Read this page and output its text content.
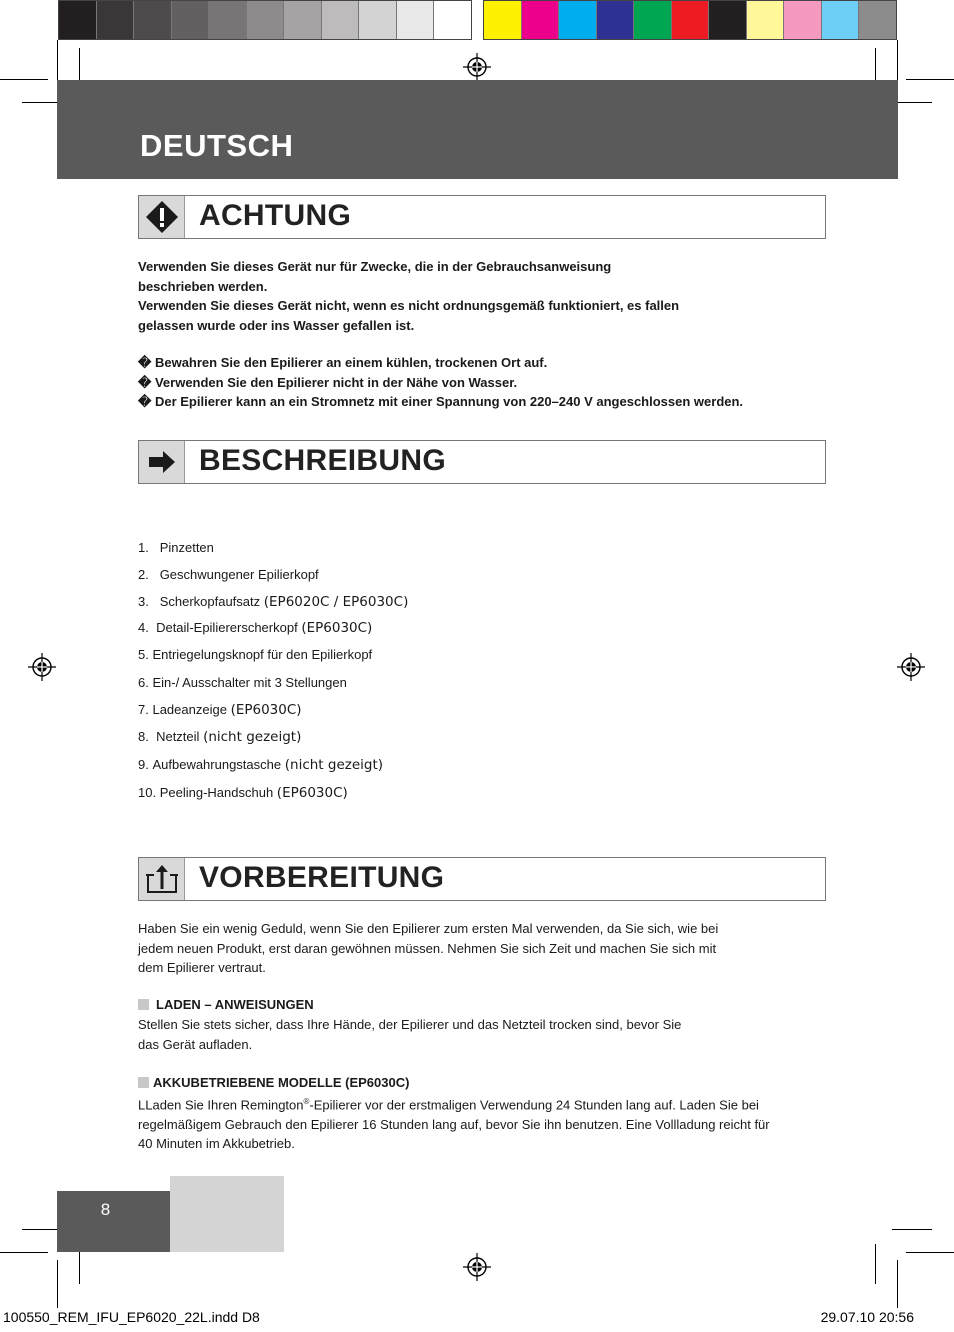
DEUTSCH
ACHTUNG
Verwenden Sie dieses Gerät nur für Zwecke, die in der Gebrauchsanweisung
beschrieben werden.
Verwenden Sie dieses Gerät nicht, wenn es nicht ordnungsgemäß funktioniert, es fallen
gelassen wurde oder ins Wasser gefallen ist.
� Bewahren Sie den Epilierer an einem kühlen, trockenen Ort auf.
� Verwenden Sie den Epilierer nicht in der Nähe von Wasser.
� Der Epilierer kann an ein Stromnetz mit einer Spannung von 220–240 V angeschlossen werden.
BESCHREIBUNG
1. Pinzetten
2. Geschwungener Epilierkopf
3. Scherkopfaufsatz (EP6020C / EP6030C)
4. Detail-Epiliererscherkopf (EP6030C)
5. Entriegelungsknopf für den Epilierkopf
6. Ein-/ Ausschalter mit 3 Stellungen
7. Ladeanzeige (EP6030C)
8. Netzteil (nicht gezeigt)
9. Aufbewahrungstasche (nicht gezeigt)
10. Peeling-Handschuh (EP6030C)
VORBEREITUNG
Haben Sie ein wenig Geduld, wenn Sie den Epilierer zum ersten Mal verwenden, da Sie sich, wie bei
jedem neuen Produkt, erst daran gewöhnen müssen. Nehmen Sie sich Zeit und machen Sie sich mit
dem Epilierer vertraut.
LADEN – ANWEISUNGEN
Stellen Sie stets sicher, dass Ihre Hände, der Epilierer und das Netzteil trocken sind, bevor Sie
das Gerät aufladen.
AKKUBETRIEBENE MODELLE (EP6030C)
LLaden Sie Ihren Remington®-Epilierer vor der erstmaligen Verwendung 24 Stunden lang auf. Laden Sie bei
regelmäßigem Gebrauch den Epilierer 16 Stunden lang auf, bevor Sie ihn benutzen. Eine Vollladung reicht für
40 Minuten im Akkubetrieb.
8
100550_REM_IFU_EP6020_22L.indd D8	29.07.10 20:56
